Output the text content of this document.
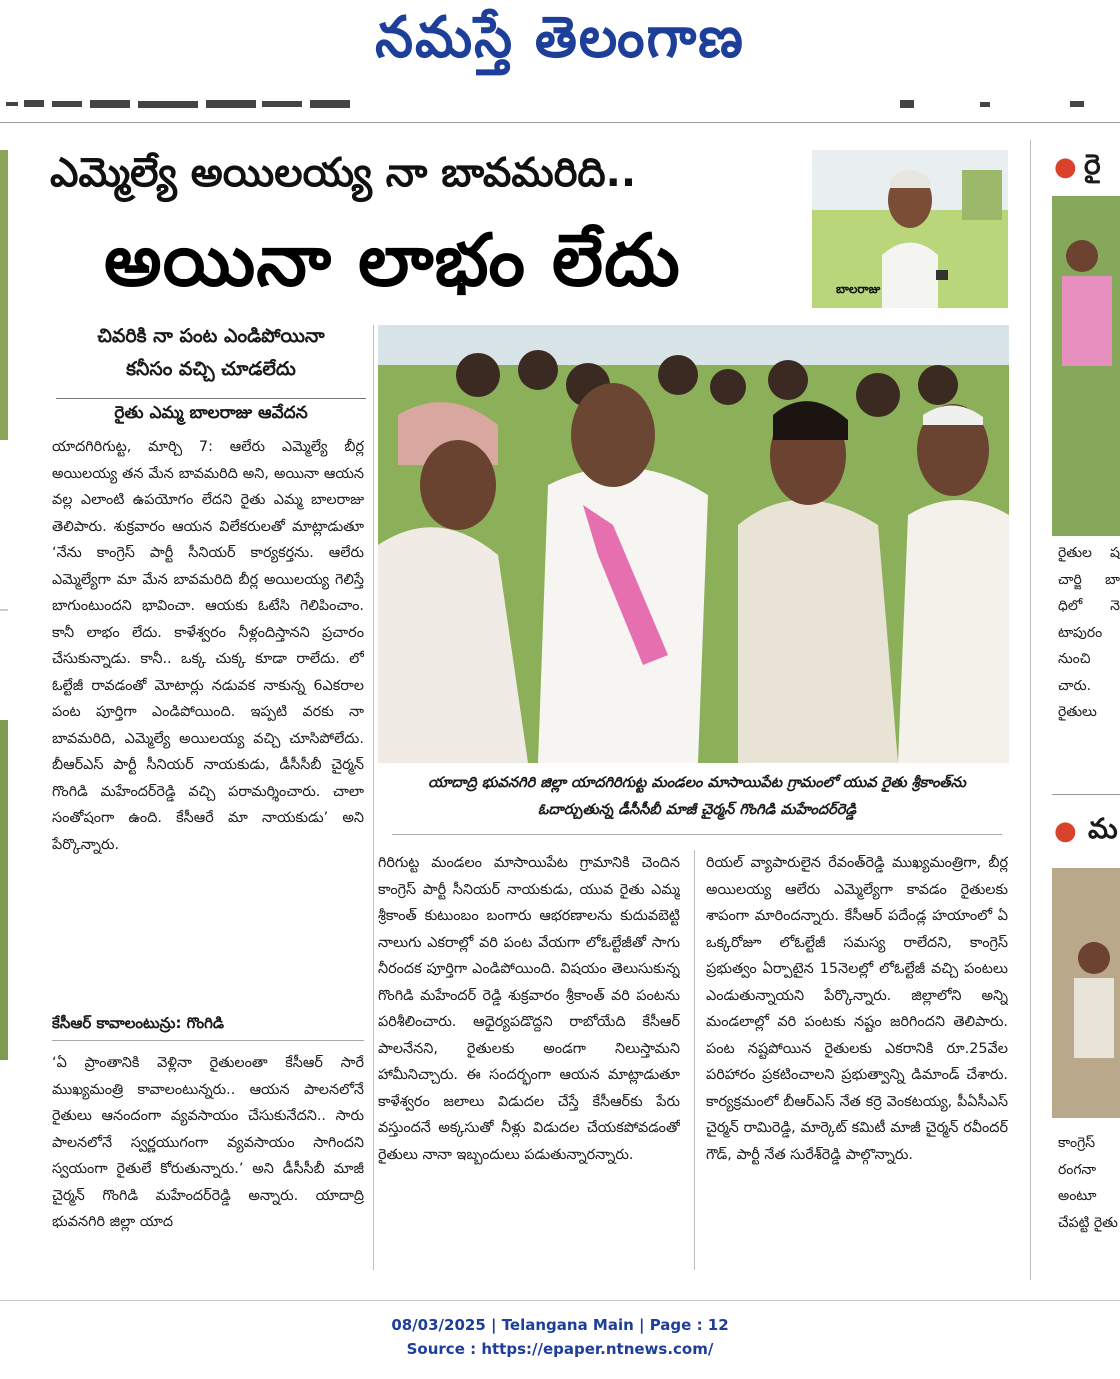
నమస్తే తెలంగాణ
ఎమ్మెల్యే అయిలయ్య నా బావమరిది..
అయినా లాభం లేదు	బాలరాజు
చివరికి నా పంట ఎండిపోయినా
కనీసం వచ్చి చూడలేదు
రైతు ఎమ్మ బాలరాజు ఆవేదన
యాదగిరిగుట్ట, మార్చి 7: ఆలేరు ఎమ్మెల్యే బీర్ల అయిలయ్య తన మేన బావమరిది అని, అయినా ఆయన వల్ల ఎలాంటి ఉపయోగం లేదని రైతు ఎమ్మ బాలరాజు తెలిపారు. శుక్రవారం ఆయన విలేకరులతో మాట్లాడుతూ ‘నేను కాంగ్రెస్ పార్టీ సీనియర్ కార్యకర్తను. ఆలేరు ఎమ్మెల్యేగా మా మేన బావమరిది బీర్ల అయిలయ్య గెలిస్తే బాగుంటుందని భావించా. ఆయకు ఓటేసి గెలిపించాం. కానీ లాభం లేదు. కాళేశ్వరం నీళ్లందిస్తానని ప్రచారం చేసుకున్నాడు. కానీ.. ఒక్క చుక్క కూడా రాలేదు. లో ఓల్టేజీ రావడంతో మోటార్లు నడువక నాకున్న 6ఎకరాల పంట పూర్తిగా ఎండిపోయింది. ఇప్పటి వరకు నా బావమరిది, ఎమ్మెల్యే అయిలయ్య వచ్చి చూసిపోలేదు. బీఆర్ఎస్ పార్టీ సీనియర్ నాయకుడు, డీసీసీబీ చైర్మన్ గొంగిడి మహేందర్‌రెడ్డి వచ్చి పరామర్శించారు. చాలా సంతోషంగా ఉంది. కేసీఆరే మా నాయకుడు’ అని పేర్కొన్నారు.
కేసీఆర్ కావాలంటున్రు: గొంగిడి
‘ఏ ప్రాంతానికి వెళ్లినా రైతులంతా కేసీఆర్ సారే ముఖ్యమంత్రి కావాలంటున్నరు.. ఆయన పాలనలోనే రైతులు ఆనందంగా వ్యవసాయం చేసుకునేదని.. సారు పాలనలోనే స్వర్ణయుగంగా వ్యవసాయం సాగిందని స్వయంగా రైతులే కోరుతున్నారు.’ అని డీసీసీబీ మాజీ చైర్మన్ గొంగిడి మహేందర్‌రెడ్డి అన్నారు. యాదాద్రి భువనగిరి జిల్లా యాద
యాదాద్రి భువనగిరి జిల్లా యాదగిరిగుట్ట మండలం మాసాయిపేట గ్రామంలో యువ రైతు శ్రీకాంత్‌ను ఓదార్చుతున్న డీసీసీబీ మాజీ చైర్మన్ గొంగిడి మహేందర్‌రెడ్డి
గిరిగుట్ట మండలం మాసాయిపేట గ్రామానికి చెందిన కాంగ్రెస్ పార్టీ సీనియర్ నాయకుడు, యువ రైతు ఎమ్మ శ్రీకాంత్ కుటుంబం బంగారు ఆభరణాలను కుదువబెట్టి నాలుగు ఎకరాల్లో వరి పంట వేయగా లోఓల్టేజీతో సాగు నీరందక పూర్తిగా ఎండిపోయింది. విషయం తెలుసుకున్న గొంగిడి మహేందర్ రెడ్డి శుక్రవారం శ్రీకాంత్ వరి పంటను పరిశీలించారు. ఆధైర్యపడొద్దని రాబోయేది కేసీఆర్ పాలనేనని, రైతులకు అండగా నిలుస్తామని హామీనిచ్చారు. ఈ సందర్భంగా ఆయన మాట్లాడుతూ కాళేశ్వరం జలాలు విడుదల చేస్తే కేసీఆర్‌కు పేరు వస్తుందనే అక్కసుతో నీళ్లు విడుదల చేయకపోవడంతో రైతులు నానా ఇబ్బందులు పడుతున్నారన్నారు.
రియల్ వ్యాపారులైన రేవంత్‌రెడ్డి ముఖ్యమంత్రిగా, బీర్ల అయిలయ్య ఆలేరు ఎమ్మెల్యేగా కావడం రైతులకు శాపంగా మారిందన్నారు. కేసీఆర్ పదేండ్ల హయాంలో ఏ ఒక్కరోజూ లోఓల్టేజీ సమస్య రాలేదని, కాంగ్రెస్ ప్రభుత్వం ఏర్పాటైన 15నెలల్లో లోఓల్టేజీ వచ్చి పంటలు ఎండుతున్నాయని పేర్కొన్నారు. జిల్లాలోని అన్ని మండలాల్లో వరి పంటకు నష్టం జరిగిందని తెలిపారు. పంట నష్టపోయిన రైతులకు ఎకరానికి రూ.25వేల పరిహారం ప్రకటించాలని ప్రభుత్వాన్ని డిమాండ్ చేశారు. కార్యక్రమంలో బీఆర్ఎస్ నేత కర్రె వెంకటయ్య, పీఏసీఎస్ చైర్మన్ రామిరెడ్డి, మార్కెట్ కమిటీ మాజీ చైర్మన్ రవీందర్ గౌడ్, పార్టీ నేత సురేశ్‌రెడ్డి పాల్గొన్నారు.
● రై
రైతుల ష చార్జి బా ధిలో నె టాపురం నుంచి చారు. రైతులు
● మ
కాంగ్రెస్ రంగనా అంటూ చేపట్టి రైతు
08/03/2025 | Telangana Main | Page : 12
Source : https://epaper.ntnews.com/
